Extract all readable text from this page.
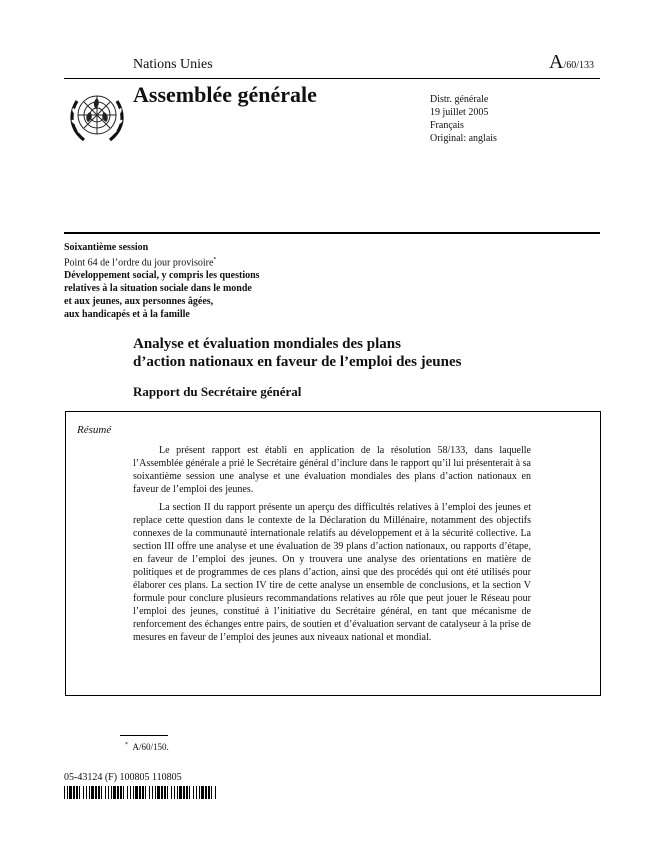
Nations Unies	A/60/133
Assemblée générale	Distr. générale
19 juillet 2005
Français
Original: anglais
Soixantième session
Point 64 de l’ordre du jour provisoire*
Développement social, y compris les questions
relatives à la situation sociale dans le monde
et aux jeunes, aux personnes âgées,
aux handicapés et à la famille
Analyse et évaluation mondiales des plans
d’action nationaux en faveur de l’emploi des jeunes
Rapport du Secrétaire général
Résumé
Le présent rapport est établi en application de la résolution 58/133, dans laquelle l’Assemblée générale a prié le Secrétaire général d’inclure dans le rapport qu’il lui présenterait à sa soixantième session une analyse et une évaluation mondiales des plans d’action nationaux en faveur de l’emploi des jeunes.
La section II du rapport présente un aperçu des difficultés relatives à l’emploi des jeunes et replace cette question dans le contexte de la Déclaration du Millénaire, notamment des objectifs connexes de la communauté internationale relatifs au développement et à la sécurité collective. La section III offre une analyse et une évaluation de 39 plans d’action nationaux, ou rapports d’étape, en faveur de l’emploi des jeunes. On y trouvera une analyse des orientations en matière de politiques et de programmes de ces plans d’action, ainsi que des procédés qui ont été utilisés pour élaborer ces plans. La section IV tire de cette analyse un ensemble de conclusions, et la section V formule pour conclure plusieurs recommandations relatives au rôle que peut jouer le Réseau pour l’emploi des jeunes, constitué à l’initiative du Secrétaire général, en tant que mécanisme de renforcement des échanges entre pairs, de soutien et d’évaluation servant de catalyseur à la prise de mesures en faveur de l’emploi des jeunes aux niveaux national et mondial.
* A/60/150.
05-43124 (F) 100805 110805
